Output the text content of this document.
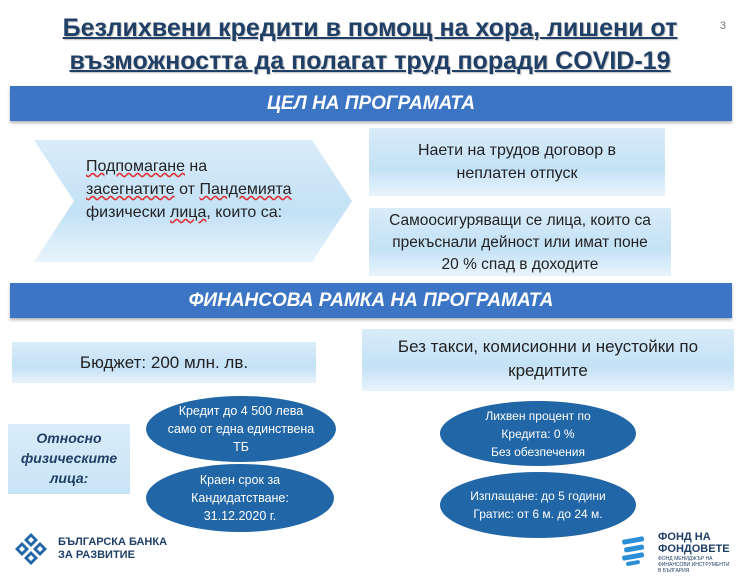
Безлихвени кредити в помощ на хора, лишени от
възможността да полагат труд поради COVID-19
3
ЦЕЛ НА ПРОГРАМАТА
Подпомагане на засегнатите от Пандемията физически лица, които са:
Наети на трудов договор в
неплатен отпуск
Самоосигуряващи се лица, които са
прекъснали дейност или имат поне
20 % спад в доходите
ФИНАНСОВА РАМКА НА ПРОГРАМАТА
Бюджет: 200 млн. лв.
Без такси, комисионни и неустойки по
кредитите
Относно
физическите
лица:
Кредит до 4 500 лева
само от една единствена
ТБ
Краен срок за
Кандидатстване:
31.12.2020 г.
Лихвен процент по
Кредита: 0 %
Без обезпечения
Изплащане: до 5 години
Гратис: от 6 м. до 24 м.
БЪЛГАРСКА БАНКА
ЗА РАЗВИТИЕ
ФОНД НА
ФОНДОВЕТЕ
ФОНД МЕНИДЖЪР НА
ФИНАНСОВИ ИНСТРУМЕНТИ
В БЪЛГАРИЯ
